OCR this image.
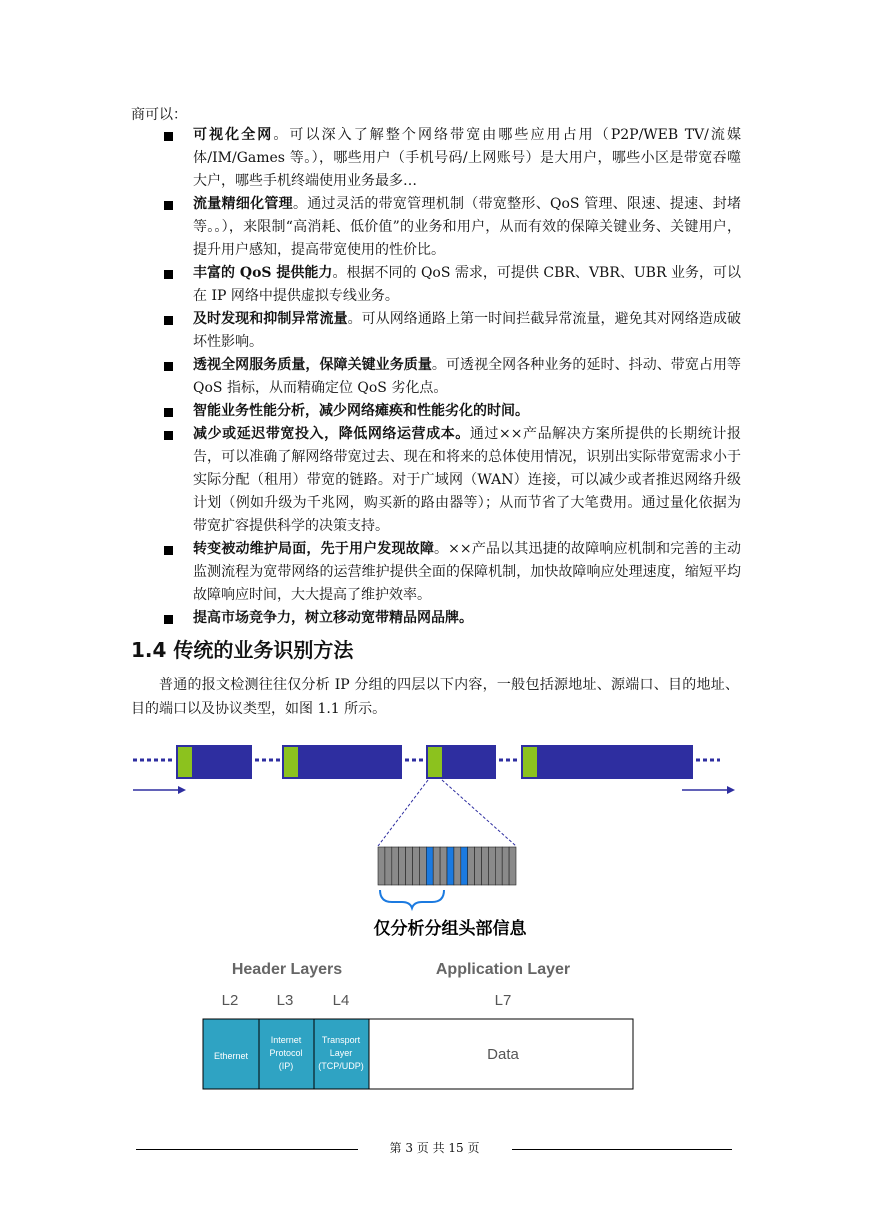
商可以：
可视化全网。可以深入了解整个网络带宽由哪些应用占用（P2P/WEB TV/流媒体/IM/Games 等。），哪些用户（手机号码/上网账号）是大用户，哪些小区是带宽吞噬大户，哪些手机终端使用业务最多…
流量精细化管理。通过灵活的带宽管理机制（带宽整形、QoS 管理、限速、提速、封堵等。。），来限制“高消耗、低价值”的业务和用户，从而有效的保障关键业务、关键用户，提升用户感知，提高带宽使用的性价比。
丰富的 QoS 提供能力。根据不同的 QoS 需求，可提供 CBR、VBR、UBR 业务，可以在 IP 网络中提供虚拟专线业务。
及时发现和抑制异常流量。可从网络通路上第一时间拦截异常流量，避免其对网络造成破坏性影响。
透视全网服务质量，保障关键业务质量。可透视全网各种业务的延时、抖动、带宽占用等 QoS 指标，从而精确定位 QoS 劣化点。
智能业务性能分析，减少网络瘫痪和性能劣化的时间。
减少或延迟带宽投入，降低网络运营成本。通过××产品解决方案所提供的长期统计报告，可以准确了解网络带宽过去、现在和将来的总体使用情况，识别出实际带宽需求小于实际分配（租用）带宽的链路。对于广域网（WAN）连接，可以减少或者推迟网络升级计划（例如升级为千兆网，购买新的路由器等）；从而节省了大笔费用。通过量化依据为带宽扩容提供科学的决策支持。
转变被动维护局面，先于用户发现故障。××产品以其迅捷的故障响应机制和完善的主动监测流程为宽带网络的运营维护提供全面的保障机制，加快故障响应处理速度，缩短平均故障响应时间，大大提高了维护效率。
提高市场竞争力，树立移动宽带精品网品牌。
1.4 传统的业务识别方法

普通的报文检测往往仅分析 IP 分组的四层以下内容，一般包括源地址、源端口、目的地址、目的端口以及协议类型，如图 1.1 所示。

仅分析分组头部信息
Header Layers	Application Layer
L2	L3	L4	L7
Ethernet
Internet
Protocol
(IP)
Transport
Layer
(TCP/UDP)
Data
第 3 页 共 15 页
